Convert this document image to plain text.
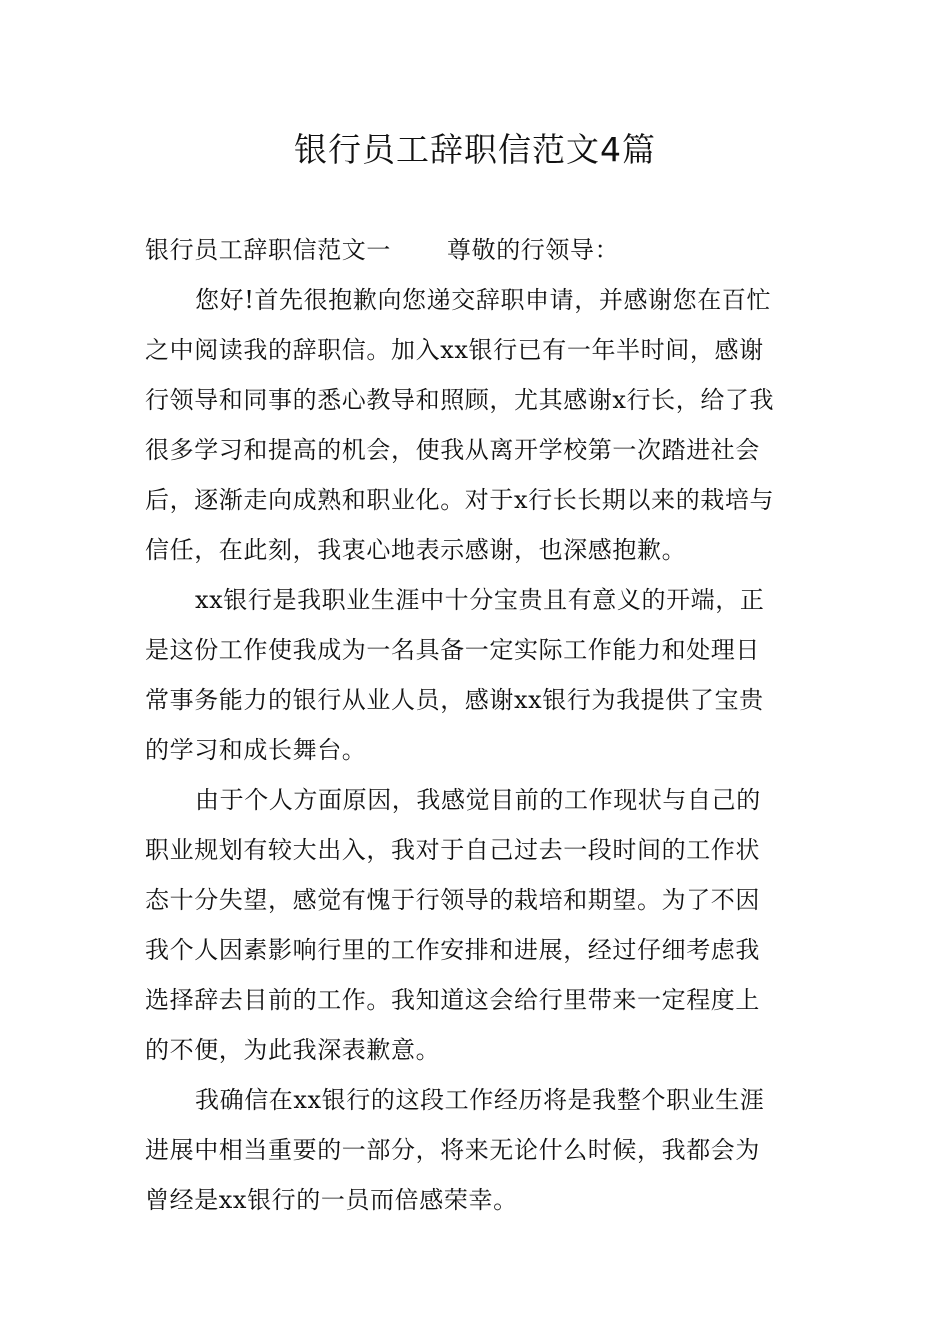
银行员工辞职信范文4篇
银行员工辞职信范文一 尊敬的行领导：
您好!首先很抱歉向您递交辞职申请，并感谢您在百忙
之中阅读我的辞职信。加入xx银行已有一年半时间，感谢
行领导和同事的悉心教导和照顾，尤其感谢x行长，给了我
很多学习和提高的机会，使我从离开学校第一次踏进社会
后，逐渐走向成熟和职业化。对于x行长长期以来的栽培与
信任，在此刻，我衷心地表示感谢，也深感抱歉。
xx银行是我职业生涯中十分宝贵且有意义的开端，正
是这份工作使我成为一名具备一定实际工作能力和处理日
常事务能力的银行从业人员，感谢xx银行为我提供了宝贵
的学习和成长舞台。
由于个人方面原因，我感觉目前的工作现状与自己的
职业规划有较大出入，我对于自己过去一段时间的工作状
态十分失望，感觉有愧于行领导的栽培和期望。为了不因
我个人因素影响行里的工作安排和进展，经过仔细考虑我
选择辞去目前的工作。我知道这会给行里带来一定程度上
的不便，为此我深表歉意。
我确信在xx银行的这段工作经历将是我整个职业生涯
进展中相当重要的一部分，将来无论什么时候，我都会为
曾经是xx银行的一员而倍感荣幸。
